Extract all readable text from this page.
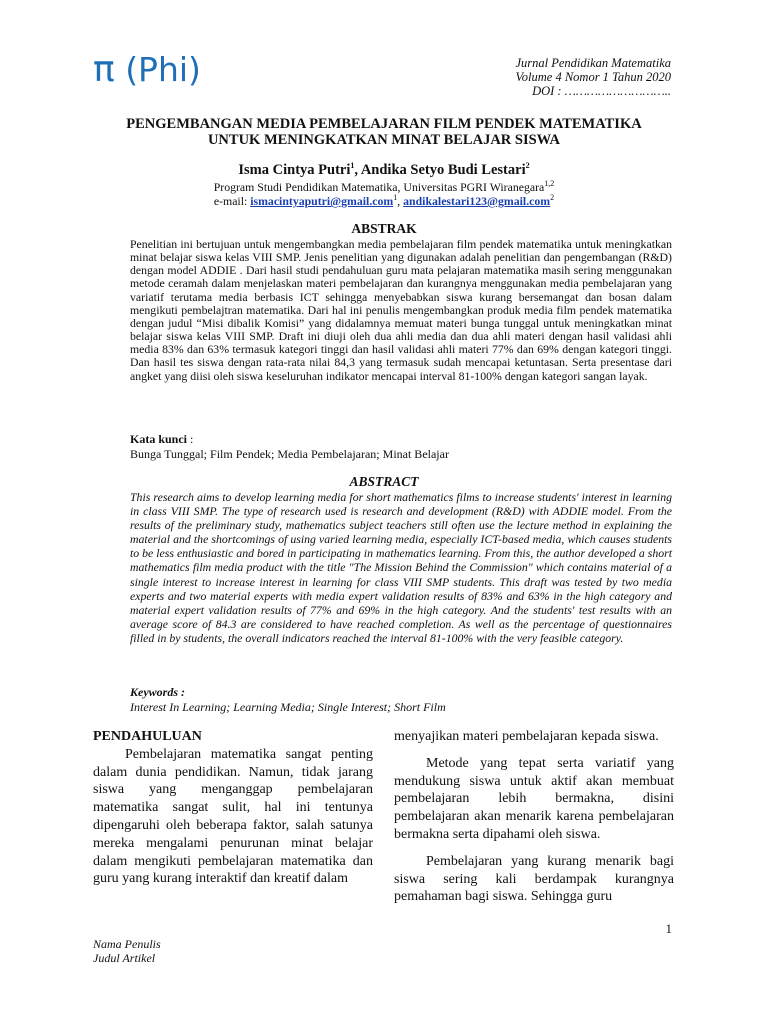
π (Phi)	Jurnal Pendidikan Matematika
Volume 4 Nomor 1 Tahun 2020
DOI : ………………………..
PENGEMBANGAN MEDIA PEMBELAJARAN FILM PENDEK MATEMATIKA
UNTUK MENINGKATKAN MINAT BELAJAR SISWA
Isma Cintya Putri$^1$, Andika Setyo Budi Lestari$^2$
Program Studi Pendidikan Matematika, Universitas PGRI Wiranegara$^{1,2}$
e-mail: ismacintyaputri@gmail.com$^1$, andikalestari123@gmail.com$^2$
ABSTRAK
Penelitian ini bertujuan untuk mengembangkan media pembelajaran film pendek matematika untuk meningkatkan minat belajar siswa kelas VIII SMP. Jenis penelitian yang digunakan adalah penelitian dan pengembangan (R&D) dengan model ADDIE . Dari hasil studi pendahuluan guru mata pelajaran matematika masih sering menggunakan metode ceramah dalam menjelaskan materi pembelajaran dan kurangnya menggunakan media pembelajaran yang variatif terutama media berbasis ICT sehingga menyebabkan siswa kurang bersemangat dan bosan dalam mengikuti pembelajtran matematika. Dari hal ini penulis mengembangkan produk media film pendek matematika dengan judul “Misi dibalik Komisi” yang didalamnya memuat materi bunga tunggal untuk meningkatkan minat belajar siswa kelas VIII SMP. Draft ini diuji oleh dua ahli media dan dua ahli materi dengan hasil validasi ahli media 83% dan 63% termasuk kategori tinggi dan hasil validasi ahli materi 77% dan 69% dengan kategori tinggi. Dan hasil tes siswa dengan rata-rata nilai 84,3 yang termasuk sudah mencapai ketuntasan. Serta presentase dari angket yang diisi oleh siswa keseluruhan indikator mencapai interval 81-100% dengan kategori sangan layak.
Kata kunci :
Bunga Tunggal; Film Pendek; Media Pembelajaran; Minat Belajar
ABSTRACT
This research aims to develop learning media for short mathematics films to increase students' interest in learning in class VIII SMP. The type of research used is research and development (R&D) with ADDIE model. From the results of the preliminary study, mathematics subject teachers still often use the lecture method in explaining the material and the shortcomings of using varied learning media, especially ICT-based media, which causes students to be less enthusiastic and bored in participating in mathematics learning. From this, the author developed a short mathematics film media product with the title "The Mission Behind the Commission" which contains material of a single interest to increase interest in learning for class VIII SMP students. This draft was tested by two media experts and two material experts with media expert validation results of 83% and 63% in the high category and material expert validation results of 77% and 69% in the high category. And the students' test results with an average score of 84.3 are considered to have reached completion. As well as the percentage of questionnaires filled in by students, the overall indicators reached the interval 81-100% with the very feasible category.
Keywords :
Interest In Learning; Learning Media; Single Interest; Short Film
PENDAHULUAN

Pembelajaran matematika sangat penting dalam dunia pendidikan. Namun, tidak jarang siswa yang menganggap pembelajaran matematika sangat sulit, hal ini tentunya dipengaruhi oleh beberapa faktor, salah satunya mereka mengalami penurunan minat belajar dalam mengikuti pembelajaran matematika dan guru yang kurang interaktif dan kreatif dalam

menyajikan materi pembelajaran kepada siswa.

Metode yang tepat serta variatif yang mendukung siswa untuk aktif akan membuat pembelajaran lebih bermakna, disini pembelajaran akan menarik karena pembelajaran bermakna serta dipahami oleh siswa.

Pembelajaran yang kurang menarik bagi siswa sering kali berdampak kurangnya pemahaman bagi siswa. Sehingga guru

1
Nama Penulis
Judul Artikel
